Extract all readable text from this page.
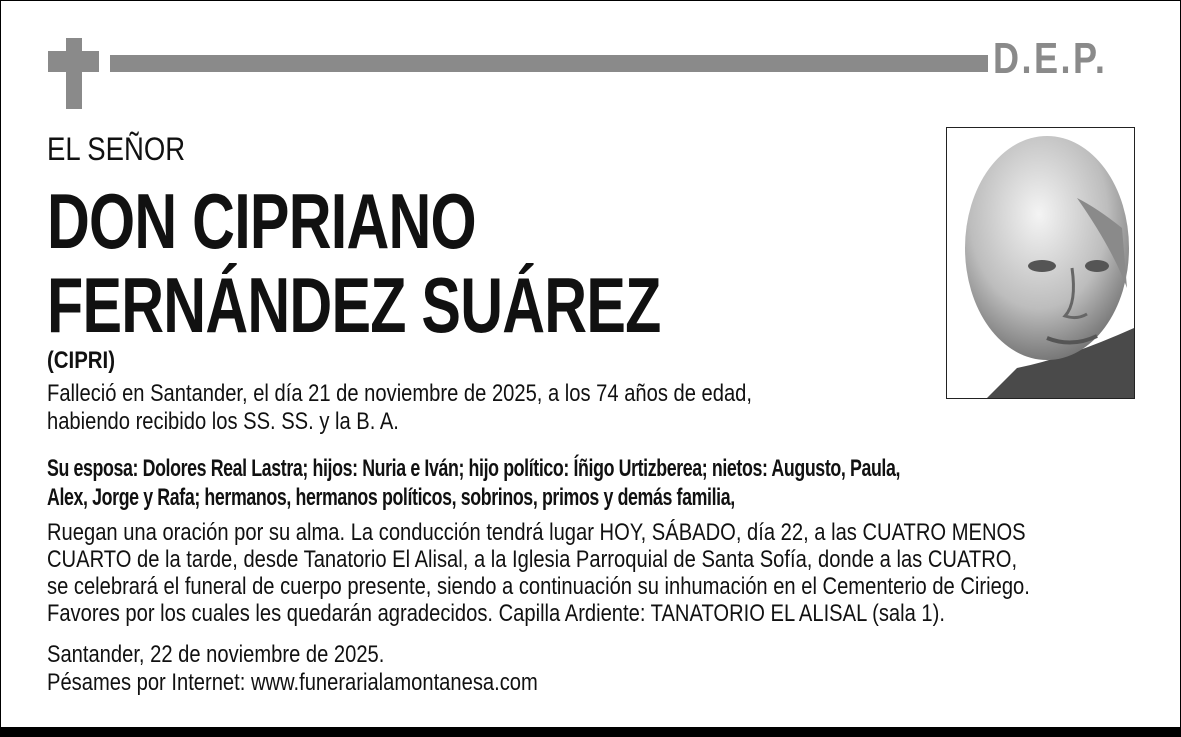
D.E.P.
EL SEÑOR
DON CIPRIANO
FERNÁNDEZ SUÁREZ
(CIPRI)
Falleció en Santander, el día 21 de noviembre de 2025, a los 74 años de edad,
habiendo recibido los SS. SS. y la B. A.
Su esposa: Dolores Real Lastra; hijos: Nuria e Iván; hijo político: Íñigo Urtizberea; nietos: Augusto, Paula,
Alex, Jorge y Rafa; hermanos, hermanos políticos, sobrinos, primos y demás familia,
Ruegan una oración por su alma. La conducción tendrá lugar HOY, SÁBADO, día 22, a las CUATRO MENOS
CUARTO de la tarde, desde Tanatorio El Alisal, a la Iglesia Parroquial de Santa Sofía, donde a las CUATRO,
se celebrará el funeral de cuerpo presente, siendo a continuación su inhumación en el Cementerio de Ciriego.
Favores por los cuales les quedarán agradecidos. Capilla Ardiente: TANATORIO EL ALISAL (sala 1).
Santander, 22 de noviembre de 2025.
Pésames por Internet: www.funerarialamontanesa.com
